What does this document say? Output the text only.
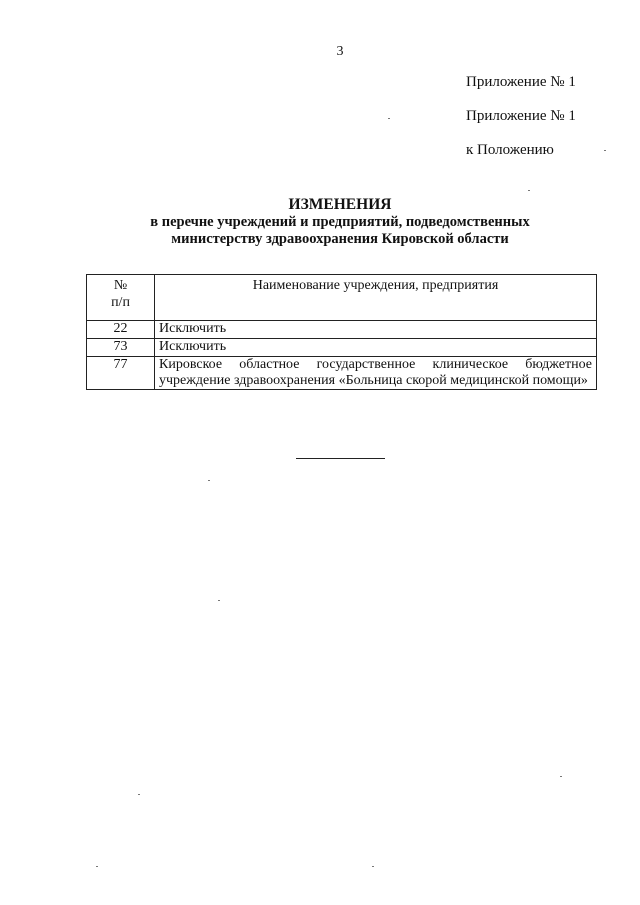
3
Приложение № 1
Приложение № 1
к Положению
ИЗМЕНЕНИЯ
в перечне учреждений и предприятий, подведомственных
министерству здравоохранения Кировской области
№
п/п	Наименование учреждения, предприятия
22	Исключить
73	Исключить
77	Кировское областное государственное клиническое бюджетное учреждение здравоохранения «Больница скорой медицинской помощи»
